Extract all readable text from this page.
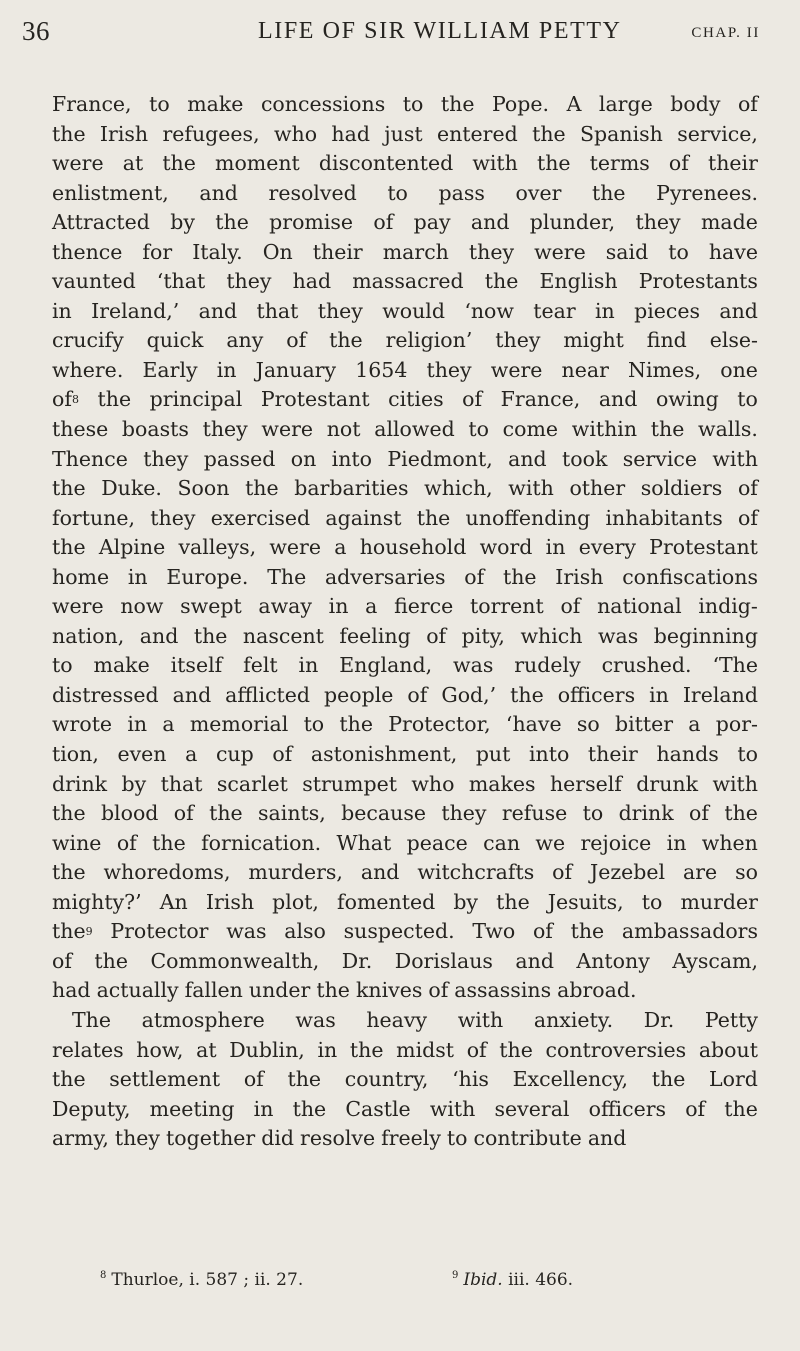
36	LIFE OF SIR WILLIAM PETTY	CHAP. II
France, to make concessions to the Pope. A large body of
the Irish refugees, who had just entered the Spanish service,
were at the moment discontented with the terms of their
enlistment, and resolved to pass over the Pyrenees.
Attracted by the promise of pay and plunder, they made
thence for Italy. On their march they were said to have
vaunted ‘that they had massacred the English Protestants
in Ireland,’ and that they would ‘now tear in pieces and
crucify quick any of the religion’ they might find else-
where. Early in January 1654 they were near Nimes, one
of 8 the principal Protestant cities of France, and owing to
these boasts they were not allowed to come within the walls.
Thence they passed on into Piedmont, and took service with
the Duke. Soon the barbarities which, with other soldiers of
fortune, they exercised against the unoffending inhabitants of
the Alpine valleys, were a household word in every Protestant
home in Europe. The adversaries of the Irish confiscations
were now swept away in a fierce torrent of national indig-
nation, and the nascent feeling of pity, which was beginning
to make itself felt in England, was rudely crushed. ‘The
distressed and afflicted people of God,’ the officers in Ireland
wrote in a memorial to the Protector, ‘have so bitter a por-
tion, even a cup of astonishment, put into their hands to
drink by that scarlet strumpet who makes herself drunk with
the blood of the saints, because they refuse to drink of the
wine of the fornication. What peace can we rejoice in when
the whoredoms, murders, and witchcrafts of Jezebel are so
mighty?’ An Irish plot, fomented by the Jesuits, to murder
the 9 Protector was also suspected. Two of the ambassadors
of the Commonwealth, Dr. Dorislaus and Antony Ayscam,
had actually fallen under the knives of assassins abroad.
The atmosphere was heavy with anxiety. Dr. Petty
relates how, at Dublin, in the midst of the controversies about
the settlement of the country, ‘his Excellency, the Lord
Deputy, meeting in the Castle with several officers of the
army, they together did resolve freely to contribute and
$^8$ Thurloe, i. 587 ; ii. 27.	$^9$ Ibid. iii. 466.
